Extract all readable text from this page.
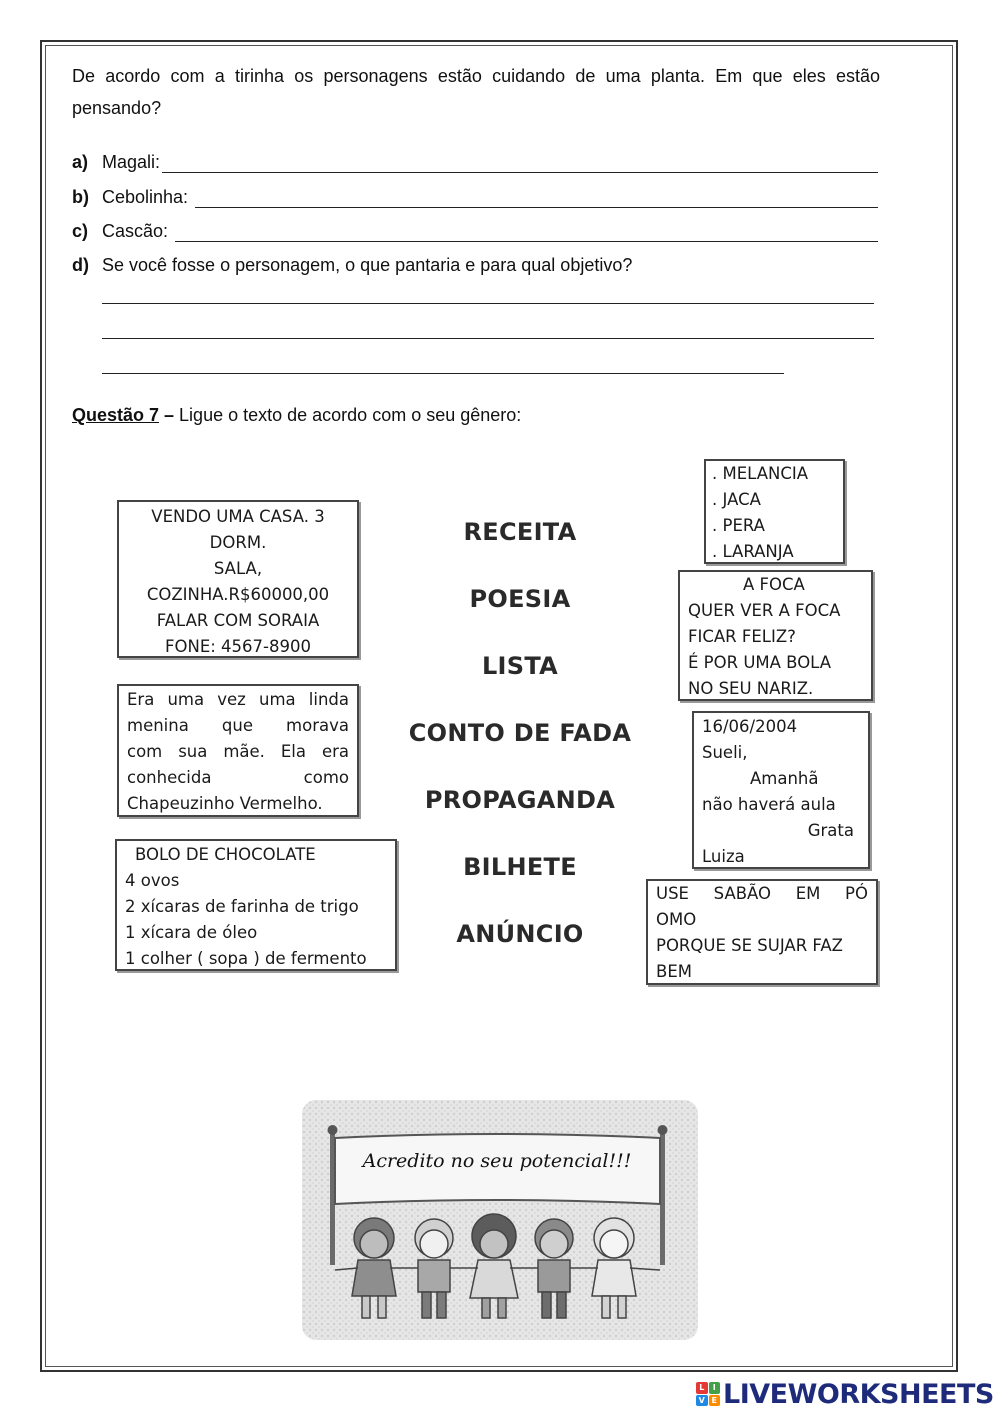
De acordo com a tirinha os personagens estão cuidando de uma planta. Em que eles estão pensando?
a) Magali:
b) Cebolinha:
c) Cascão:
d) Se você fosse o personagem, o que pantaria e para qual objetivo?
Questão 7 – Ligue o texto de acordo com o seu gênero:
VENDO UMA CASA. 3
DORM.
SALA,
COZINHA.R$60000,00
FALAR COM SORAIA
FONE: 4567-8900
Era uma vez uma linda
menina que morava
com sua mãe. Ela era
conhecida como
Chapeuzinho Vermelho.
BOLO DE CHOCOLATE
4 ovos
2 xícaras de farinha de trigo
1 xícara de óleo
1 colher ( sopa ) de fermento
RECEITA
POESIA
LISTA
CONTO DE FADA
PROPAGANDA
BILHETE
ANÚNCIO
. MELANCIA
. JACA
. PERA
. LARANJA
A FOCA
QUER VER A FOCA
FICAR FELIZ?
É POR UMA BOLA
NO SEU NARIZ.
16/06/2004
Sueli,
Amanhã
não haverá aula
Grata
Luiza
USE SABÃO EM PÓ
OMO
PORQUE SE SUJAR FAZ
BEM
Acredito no seu potencial!!!
L	I
V E LIVEWORKSHEETS
